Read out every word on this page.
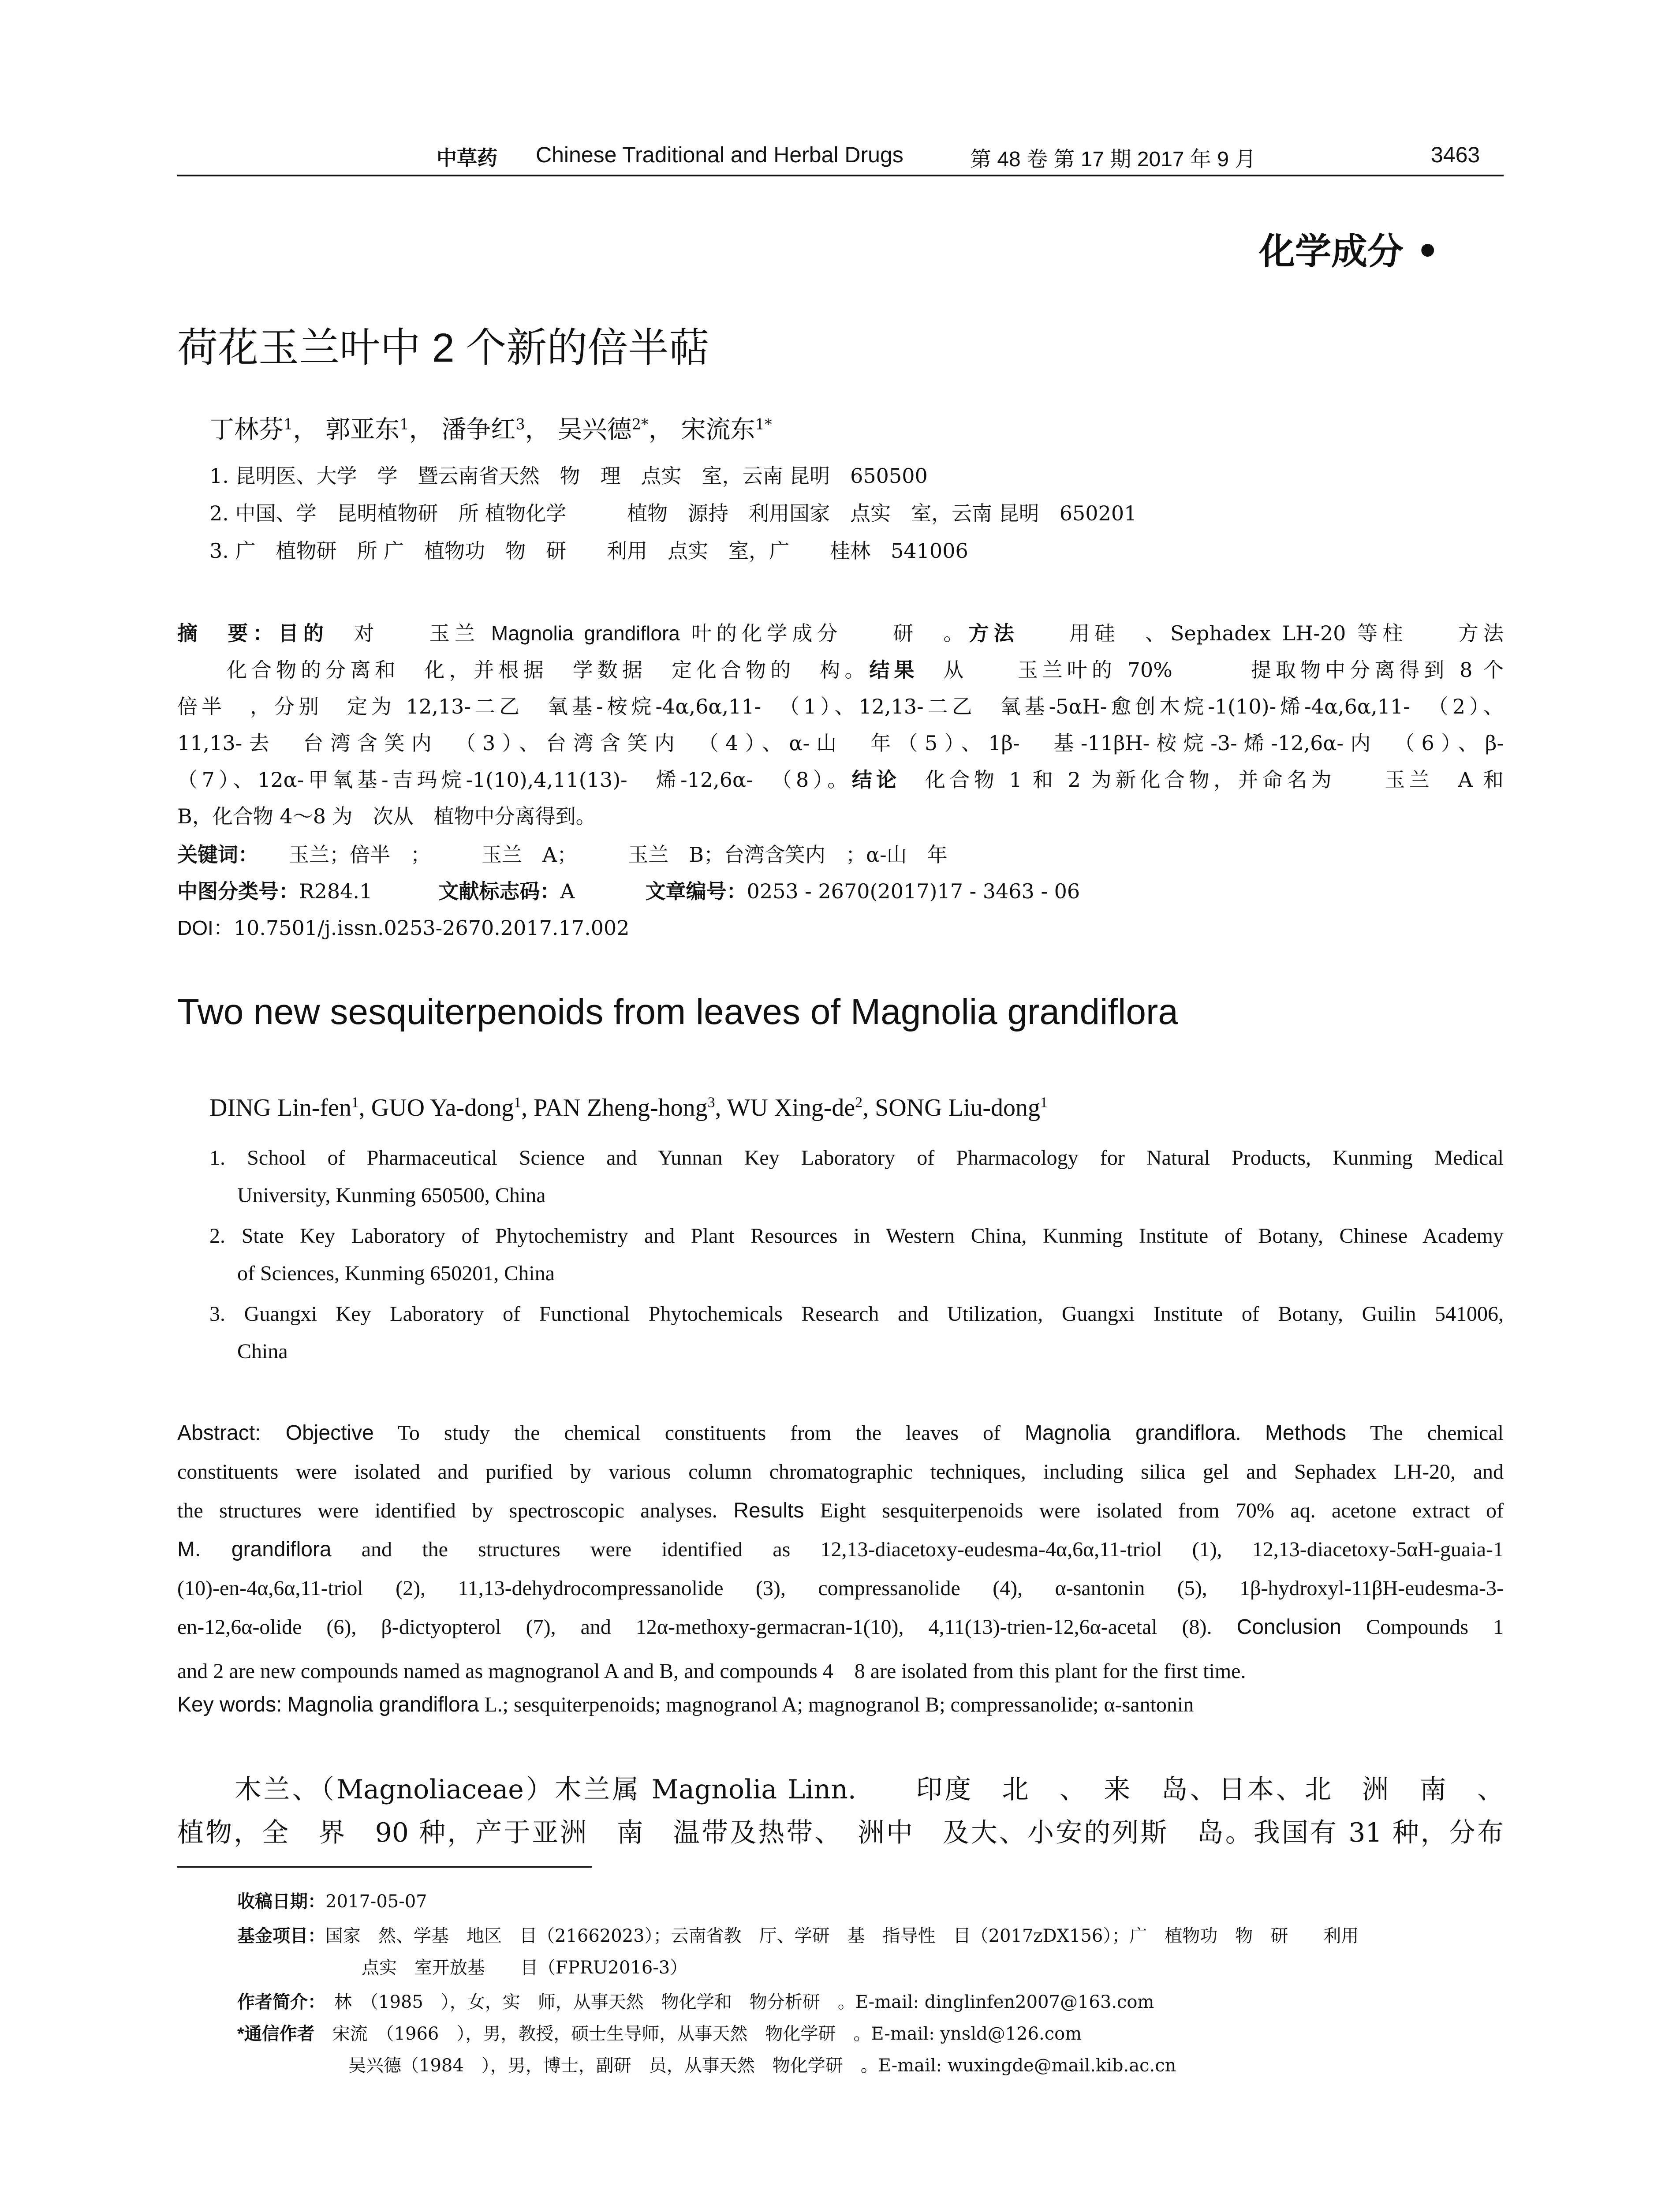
中草药 Chinese Traditional and Herbal Drugs	第 48 卷 第 17 期 2017 年 9 月	3463
化学成分 •
荷花玉兰叶中 2 个新的倍半萜
丁林芬$^1$， 郭亚东$^1$， 潘争红$^3$， 吴兴德$^{2*}$， 宋流东$^{1*}$
1. 昆明医、大学　学　暨云南省天然　物　理　点实　室，云南 昆明　650500
2. 中国、学　昆明植物研　所 植物化学　　　植物　源持　利用国家　点实　室，云南 昆明　650201
3. 广　植物研　所 广　植物功　物　研　　利用　点实　室，广　　桂林　541006
摘　要：目的　对　　玉兰 Magnolia grandiflora 叶的化学成分　　研　。方法　　用硅　、Sephadex LH-20 等柱　　方法
　　化合物的分离和　化，并根据　学数据　定化合物的　构。结果　从　　玉兰叶的 70%　　　提取物中分离得到 8 个
倍半　，分别　定为 12,13-二乙　氧基-桉烷-4α,6α,11-　（1）、12,13-二乙　氧基-5αH-愈创木烷-1(10)-烯-4α,6α,11-　（2）、
11,13-去　台湾含笑内　（3）、台湾含笑内　（4）、α-山　年（5）、1β-　基-11βH-桉烷-3-烯-12,6α-内　（6）、β-
（7）、12α-甲氧基-吉玛烷-1(10),4,11(13)-　烯-12,6α-　（8）。结论　化合物 1 和 2 为新化合物，并命名为　　玉兰　A 和
B，化合物 4～8 为　次从　植物中分离得到。
关键词：　　玉兰；倍半　；　　　玉兰　A；　　　玉兰　B；台湾含笑内　；α-山　年
中图分类号：R284.1	文献标志码：A	文章编号：0253 - 2670(2017)17 - 3463 - 06
DOI：10.7501/j.issn.0253-2670.2017.17.002
Two new sesquiterpenoids from leaves of Magnolia grandiflora
DING Lin-fen$^1$, GUO Ya-dong$^1$, PAN Zheng-hong$^3$, WU Xing-$de^2$, SONG Liu-dong$^1$
1. School of Pharmaceutical Science and Yunnan Key Laboratory of Pharmacology for Natural Products, Kunming Medical
University, Kunming 650500, China
2. State Key Laboratory of Phytochemistry and Plant Resources in Western China, Kunming Institute of Botany, Chinese Academy
of Sciences, Kunming 650201, China
3. Guangxi Key Laboratory of Functional Phytochemicals Research and Utilization, Guangxi Institute of Botany, Guilin 541006,
China
Abstract: Objective To study the chemical constituents from the leaves of Magnolia grandiflora. Methods The chemical
constituents were isolated and purified by various column chromatographic techniques, including silica gel and Sephadex LH-20, and
the structures were identified by spectroscopic analyses. Results Eight sesquiterpenoids were isolated from 70% aq. acetone extract of
M. grandiflora and the structures were identified as 12,13-diacetoxy-eudesma-4α,6α,11-triol (1), 12,13-diacetoxy-5αH-guaia-1
(10)-en-4α,6α,11-triol (2), 11,13-dehydrocompressanolide (3), compressanolide (4), α-santonin (5), 1β-hydroxyl-11βH-eudesma-3-
en-12,6α-olide (6), β-dictyopterol (7), and 12α-methoxy-germacran-1(10), 4,11(13)-trien-12,6α-acetal (8). Conclusion Compounds 1
and 2 are new compounds named as magnogranol A and B, and compounds 4　8 are isolated from this plant for the first time.
Key words: Magnolia grandiflora L.; sesquiterpenoids; magnogranol A; magnogranol B; compressanolide; α-santonin
　　木兰、（Magnoliaceae）木兰属 Magnolia Linn.　　印度　北　、　来　岛、日本、北　洲　南　、
植物，全　界　90 种，产于亚洲　南　温带及热带、　洲中　及大、小安的列斯　岛。我国有 31 种，分布
收稿日期：2017-05-07
基金项目：国家　然、学基　地区　目（21662023）；云南省教　厅、学研　基　指导性　目（2017zDX156）；广　植物功　物　研　　利用
点实　室开放基　　目（FPRU2016-3）
作者简介：　林　（1985　），女，实　师，从事天然　物化学和　物分析研　。E-mail: dinglinfen2007@163.com
*通信作者 宋流　（1966　），男，教授，硕士生导师，从事天然　物化学研　。E-mail: ynsld@126.com
吴兴德（1984　），男，博士，副研　员，从事天然　物化学研　。E-mail: wuxingde@mail.kib.ac.cn
